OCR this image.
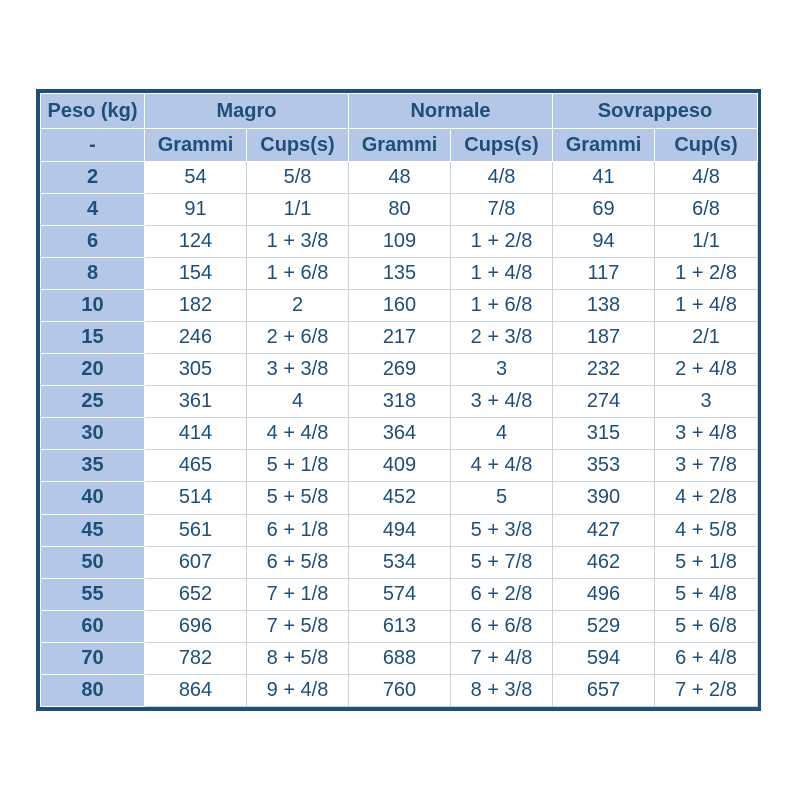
Peso (kg)	Magro		Normale		Sovrappeso	
-	Grammi	Cups(s)	Grammi	Cups(s)	Grammi	Cup(s)
2	54	5/8	48	4/8	41	4/8
4	91	1/1	80	7/8	69	6/8
6	124	1 + 3/8	109	1 + 2/8	94	1/1
8	154	1 + 6/8	135	1 + 4/8	117	1 + 2/8
10	182	2	160	1 + 6/8	138	1 + 4/8
15	246	2 + 6/8	217	2 + 3/8	187	2/1
20	305	3 + 3/8	269	3	232	2 + 4/8
25	361	4	318	3 + 4/8	274	3
30	414	4 + 4/8	364	4	315	3 + 4/8
35	465	5 + 1/8	409	4 + 4/8	353	3 + 7/8
40	514	5 + 5/8	452	5	390	4 + 2/8
45	561	6 + 1/8	494	5 + 3/8	427	4 + 5/8
50	607	6 + 5/8	534	5 + 7/8	462	5 + 1/8
55	652	7 + 1/8	574	6 + 2/8	496	5 + 4/8
60	696	7 + 5/8	613	6 + 6/8	529	5 + 6/8
70	782	8 + 5/8	688	7 + 4/8	594	6 + 4/8
80	864	9 + 4/8	760	8 + 3/8	657	7 + 2/8
